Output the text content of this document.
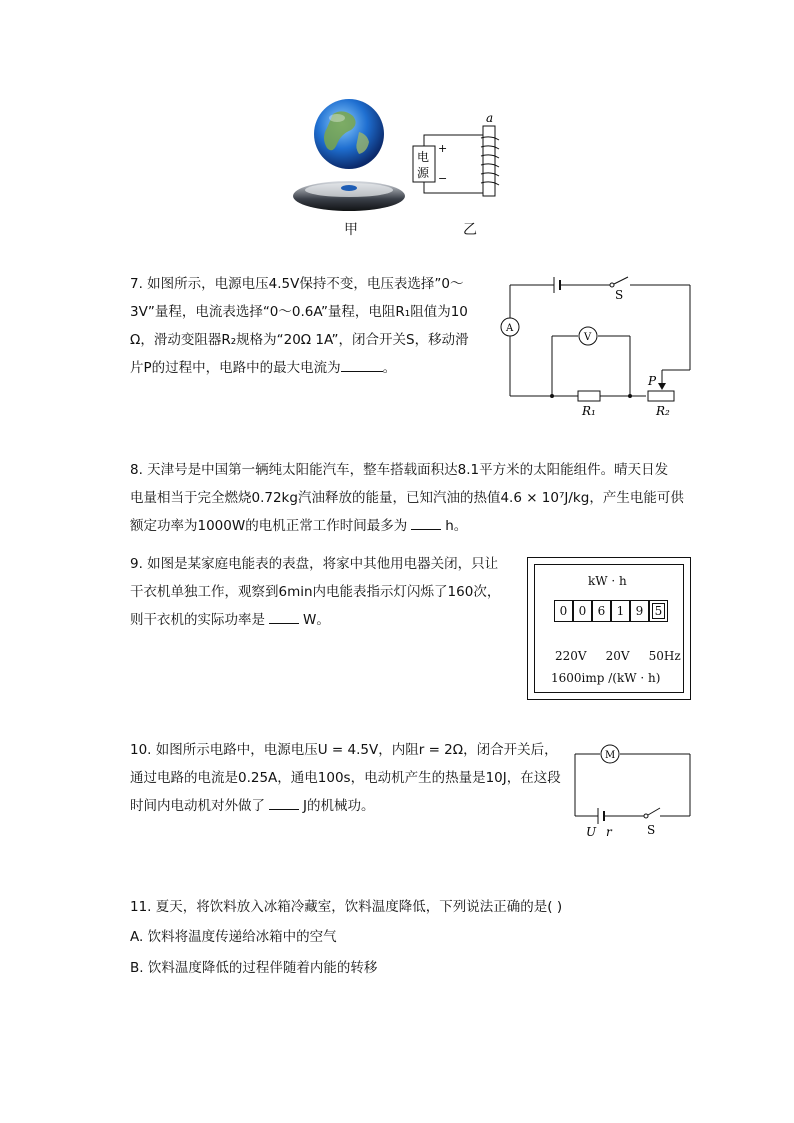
电
源
+
−
a
甲	乙
7. 如图所示，电源电压4.5V保持不变，电压表选择”0～
3V”量程，电流表选择“0～0.6A”量程，电阻R₁阻值为10
Ω，滑动变阻器R₂规格为“20Ω 1A”，闭合开关S，移动滑
片P的过程中，电路中的最大电流为	。
S
A
V
R₁
P
R₂
8. 天津号是中国第一辆纯太阳能汽车，整车搭载面积达8.1平方米的太阳能组件。晴天日发
电量相当于完全燃烧0.72kg汽油释放的能量，已知汽油的热值4.6 × 10⁷J/kg，产生电能可供
额定功率为1000W的电机正常工作时间最多为	h。
9. 如图是某家庭电能表的表盘，将家中其他用电器关闭，只让
干衣机单独工作，观察到6min内电能表指示灯闪烁了160次，
则干衣机的实际功率是	W。
kW · h
0 0 6 1 9 5
220V     20V     50Hz
1600imp /(kW · h)
10. 如图所示电路中，电源电压U = 4.5V，内阻r = 2Ω，闭合开关后，
通过电路的电流是0.25A，通电100s，电动机产生的热量是10J，在这段
时间内电动机对外做了	J的机械功。
M
U r	S
11. 夏天，将饮料放入冰箱冷藏室，饮料温度降低，下列说法正确的是( )
A. 饮料将温度传递给冰箱中的空气
B. 饮料温度降低的过程伴随着内能的转移
